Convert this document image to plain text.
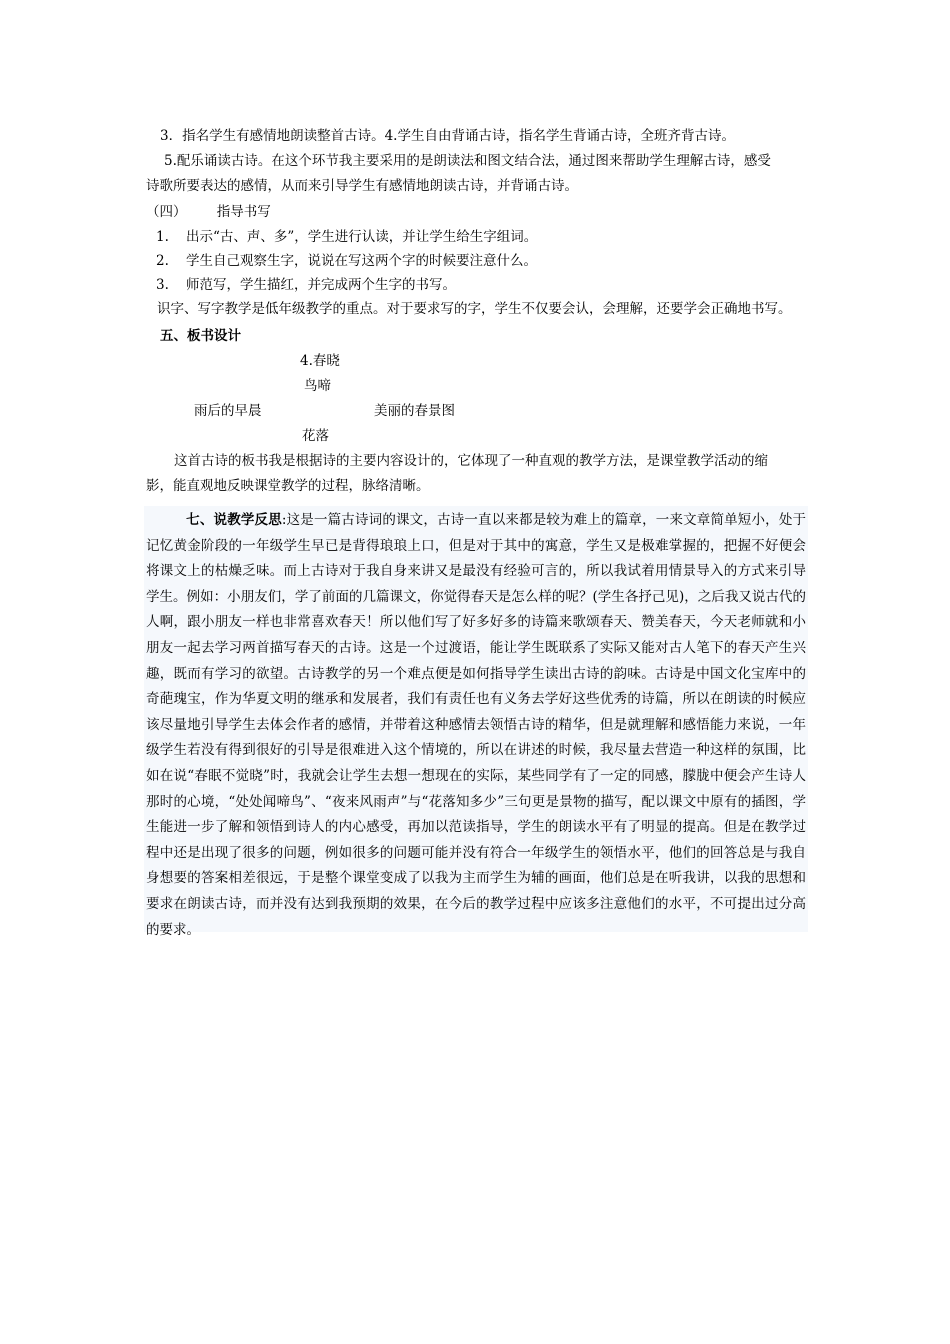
3．指名学生有感情地朗读整首古诗。4.学生自由背诵古诗，指名学生背诵古诗，全班齐背古诗。
5.配乐诵读古诗。在这个环节我主要采用的是朗读法和图文结合法，通过图来帮助学生理解古诗，感受
诗歌所要表达的感情，从而来引导学生有感情地朗读古诗，并背诵古诗。
（四） 指导书写
1. 出示“古、声、多”，学生进行认读，并让学生给生字组词。
2. 学生自己观察生字，说说在写这两个字的时候要注意什么。
3. 师范写，学生描红，并完成两个生字的书写。
识字、写字教学是低年级教学的重点。对于要求写的字，学生不仅要会认，会理解，还要学会正确地书写。
五、板书设计
4.春晓
鸟啼
雨后的早晨	美丽的春景图
花落
这首古诗的板书我是根据诗的主要内容设计的，它体现了一种直观的教学方法，是课堂教学活动的缩
影，能直观地反映课堂教学的过程，脉络清晰。
七、说教学反思:这是一篇古诗词的课文，古诗一直以来都是较为难上的篇章，一来文章简单短小，处于记忆黄金阶段的一年级学生早已是背得琅琅上口，但是对于其中的寓意，学生又是极难掌握的，把握不好便会将课文上的枯燥乏味。而上古诗对于我自身来讲又是最没有经验可言的，所以我试着用情景导入的方式来引导学生。例如：小朋友们，学了前面的几篇课文，你觉得春天是怎么样的呢？(学生各抒己见)，之后我又说古代的人啊，跟小朋友一样也非常喜欢春天！所以他们写了好多好多的诗篇来歌颂春天、赞美春天，今天老师就和小朋友一起去学习两首描写春天的古诗。这是一个过渡语，能让学生既联系了实际又能对古人笔下的春天产生兴趣，既而有学习的欲望。古诗教学的另一个难点便是如何指导学生读出古诗的韵味。古诗是中国文化宝库中的奇葩瑰宝，作为华夏文明的继承和发展者，我们有责任也有义务去学好这些优秀的诗篇，所以在朗读的时候应该尽量地引导学生去体会作者的感情，并带着这种感情去领悟古诗的精华，但是就理解和感悟能力来说，一年级学生若没有得到很好的引导是很难进入这个情境的，所以在讲述的时候，我尽量去营造一种这样的氛围，比如在说“春眠不觉晓”时，我就会让学生去想一想现在的实际，某些同学有了一定的同感，朦胧中便会产生诗人那时的心境，“处处闻啼鸟”、“夜来风雨声”与“花落知多少”三句更是景物的描写，配以课文中原有的插图，学生能进一步了解和领悟到诗人的内心感受，再加以范读指导，学生的朗读水平有了明显的提高。但是在教学过程中还是出现了很多的问题，例如很多的问题可能并没有符合一年级学生的领悟水平，他们的回答总是与我自身想要的答案相差很远，于是整个课堂变成了以我为主而学生为辅的画面，他们总是在听我讲，以我的思想和要求在朗读古诗，而并没有达到我预期的效果，在今后的教学过程中应该多注意他们的水平，不可提出过分高的要求。
